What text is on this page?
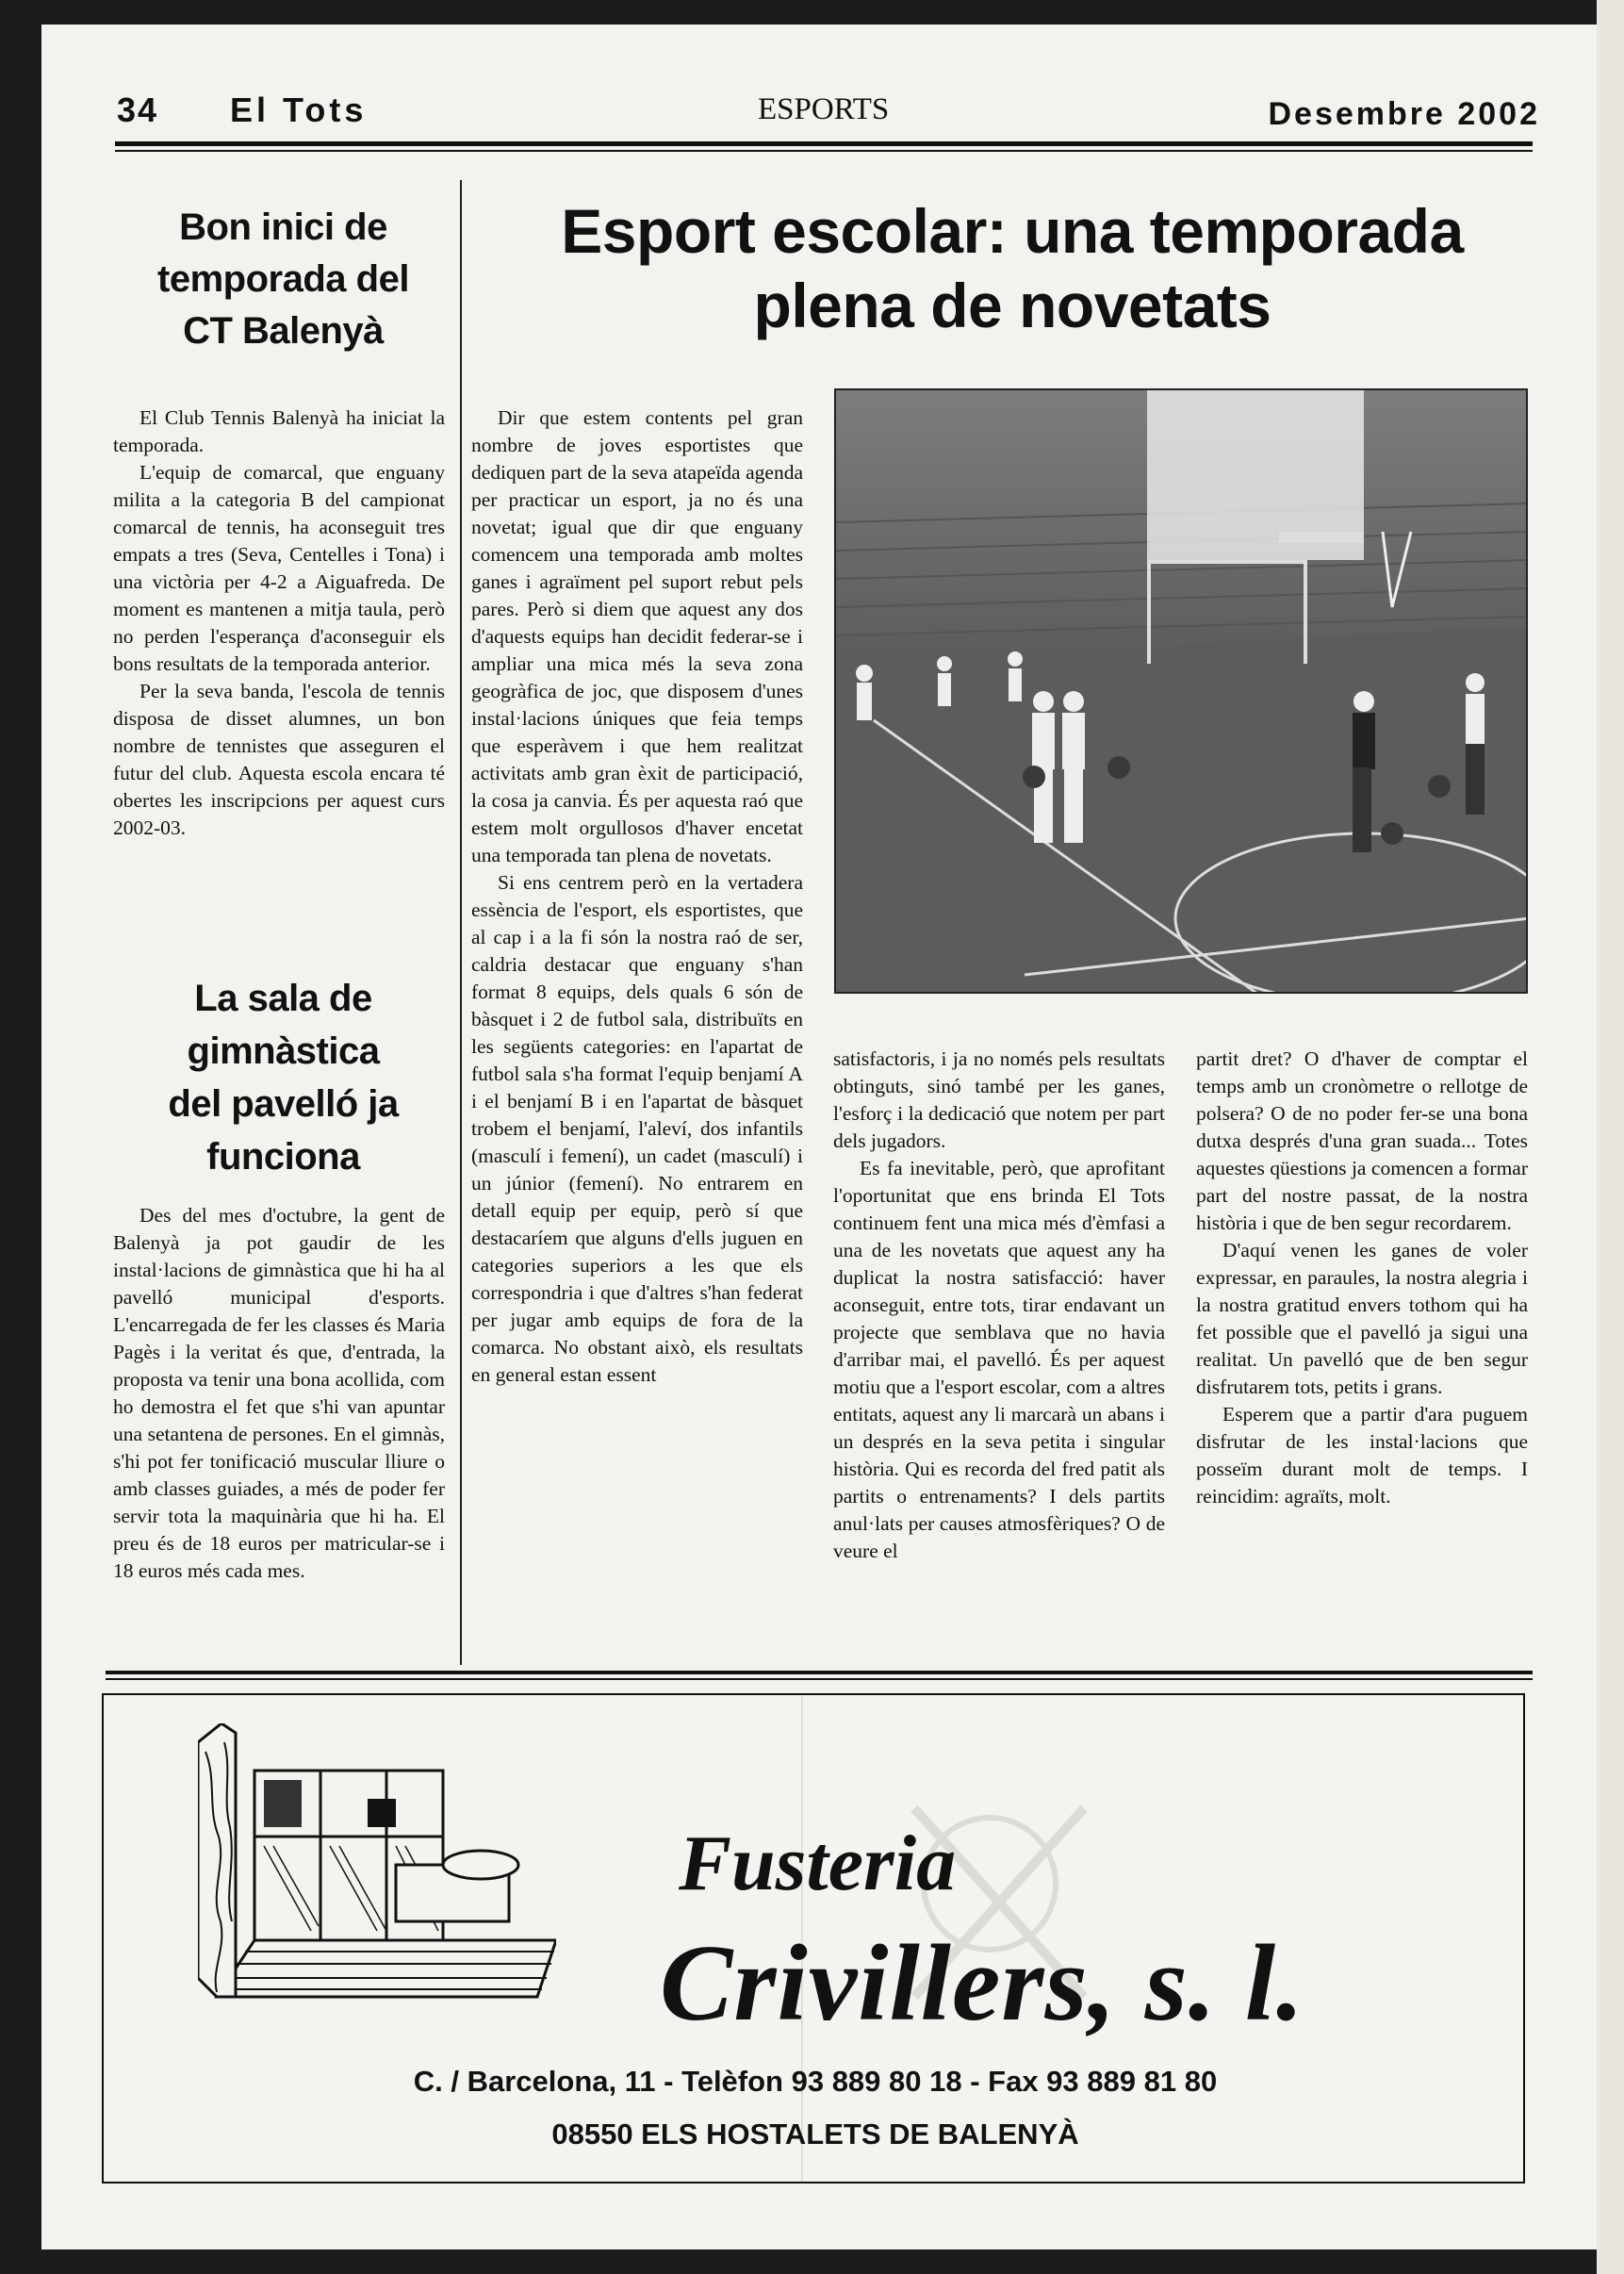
34 El Tots	ESPORTS	Desembre 2002
Bon inici de
temporada del
CT Balenyà

El Club Tennis Balenyà ha iniciat la temporada.

L'equip de comarcal, que enguany milita a la categoria B del campionat comarcal de tennis, ha aconseguit tres empats a tres (Seva, Centelles i Tona) i una victòria per 4-2 a Aiguafreda. De moment es mantenen a mitja taula, però no perden l'esperança d'aconseguir els bons resultats de la temporada anterior.

Per la seva banda, l'escola de tennis disposa de disset alumnes, un bon nombre de tennistes que asseguren el futur del club. Aquesta escola encara té obertes les inscripcions per aquest curs 2002-03.

La sala de
gimnàstica
del pavelló ja
funciona

Des del mes d'octubre, la gent de Balenyà ja pot gaudir de les instal·lacions de gimnàstica que hi ha al pavelló municipal d'esports. L'encarregada de fer les classes és Maria Pagès i la veritat és que, d'entrada, la proposta va tenir una bona acollida, com ho demostra el fet que s'hi van apuntar una setantena de persones. En el gimnàs, s'hi pot fer tonificació muscular lliure o amb classes guiades, a més de poder fer servir tota la maquinària que hi ha. El preu és de 18 euros per matricular-se i 18 euros més cada mes.

Esport escolar: una temporada
plena de novetats

Dir que estem contents pel gran nombre de joves esportistes que dediquen part de la seva atapeïda agenda per practicar un esport, ja no és una novetat; igual que dir que enguany comencem una temporada amb moltes ganes i agraïment pel suport rebut pels pares. Però si diem que aquest any dos d'aquests equips han decidit federar-se i ampliar una mica més la seva zona geogràfica de joc, que disposem d'unes instal·lacions úniques que feia temps que esperàvem i que hem realitzat activitats amb gran èxit de participació, la cosa ja canvia. És per aquesta raó que estem molt orgullosos d'haver encetat una temporada tan plena de novetats.

Si ens centrem però en la vertadera essència de l'esport, els esportistes, que al cap i a la fi són la nostra raó de ser, caldria destacar que enguany s'han format 8 equips, dels quals 6 són de bàsquet i 2 de futbol sala, distribuïts en les següents categories: en l'apartat de futbol sala s'ha format l'equip benjamí A i el benjamí B i en l'apartat de bàsquet trobem el benjamí, l'aleví, dos infantils (masculí i femení), un cadet (masculí) i un júnior (femení). No entrarem en detall equip per equip, però sí que destacaríem que alguns d'ells juguen en categories superiors a les que els correspondria i que d'altres s'han federat per jugar amb equips de fora de la comarca. No obstant això, els resultats en general estan essent

satisfactoris, i ja no només pels resultats obtinguts, sinó també per les ganes, l'esforç i la dedicació que notem per part dels jugadors.

Es fa inevitable, però, que aprofitant l'oportunitat que ens brinda El Tots continuem fent una mica més d'èmfasi a una de les novetats que aquest any ha duplicat la nostra satisfacció: haver aconseguit, entre tots, tirar endavant un projecte que semblava que no havia d'arribar mai, el pavelló. És per aquest motiu que a l'esport escolar, com a altres entitats, aquest any li marcarà un abans i un després en la seva petita i singular història. Qui es recorda del fred patit als partits o entrenaments? I dels partits anul·lats per causes atmosfèriques? O de veure el

partit dret? O d'haver de comptar el temps amb un cronòmetre o rellotge de polsera? O de no poder fer-se una bona dutxa després d'una gran suada... Totes aquestes qüestions ja comencen a formar part del nostre passat, de la nostra història i que de ben segur recordarem.

D'aquí venen les ganes de voler expressar, en paraules, la nostra alegria i la nostra gratitud envers tothom qui ha fet possible que el pavelló ja sigui una realitat. Un pavelló que de ben segur disfrutarem tots, petits i grans.

Esperem que a partir d'ara puguem disfrutar de les instal·lacions que posseïm durant molt de temps. I reincidim: agraïts, molt.

Fusteria
Crivillers, s. l.
C. / Barcelona, 11 - Telèfon 93 889 80 18 - Fax 93 889 81 80
08550 ELS HOSTALETS DE BALENYÀ
